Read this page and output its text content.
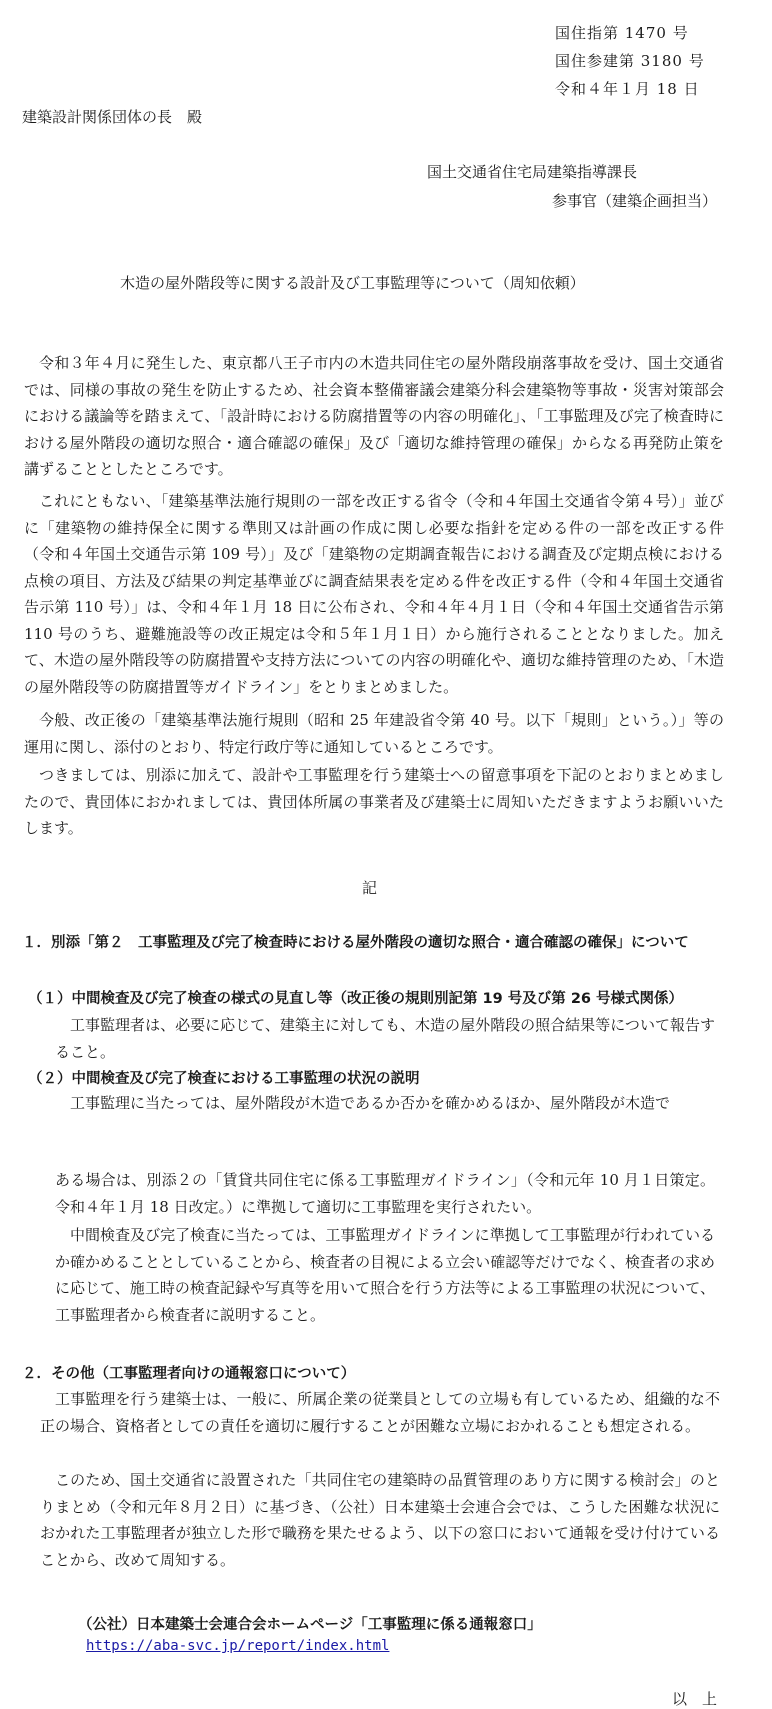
国住指第 1470 号
国住参建第 3180 号
令和４年１月 18 日
建築設計関係団体の長　殿
国土交通省住宅局建築指導課長
参事官（建築企画担当）
木造の屋外階段等に関する設計及び工事監理等について（周知依頼）

令和３年４月に発生した、東京都八王子市内の木造共同住宅の屋外階段崩落事故を受け、国土交通省では、同様の事故の発生を防止するため、社会資本整備審議会建築分科会建築物等事故・災害対策部会における議論等を踏まえて、「設計時における防腐措置等の内容の明確化」、「工事監理及び完了検査時における屋外階段の適切な照合・適合確認の確保」及び「適切な維持管理の確保」からなる再発防止策を講ずることとしたところです。

これにともない、「建築基準法施行規則の一部を改正する省令（令和４年国土交通省令第４号）」並びに「建築物の維持保全に関する準則又は計画の作成に関し必要な指針を定める件の一部を改正する件（令和４年国土交通告示第 109 号）」及び「建築物の定期調査報告における調査及び定期点検における点検の項目、方法及び結果の判定基準並びに調査結果表を定める件を改正する件（令和４年国土交通省告示第 110 号）」は、令和４年１月 18 日に公布され、令和４年４月１日（令和４年国土交通省告示第 110 号のうち、避難施設等の改正規定は令和５年１月１日）から施行されることとなりました。加えて、木造の屋外階段等の防腐措置や支持方法についての内容の明確化や、適切な維持管理のため、「木造の屋外階段等の防腐措置等ガイドライン」をとりまとめました。

今般、改正後の「建築基準法施行規則（昭和 25 年建設省令第 40 号。以下「規則」という。）」等の運用に関し、添付のとおり、特定行政庁等に通知しているところです。

つきましては、別添に加えて、設計や工事監理を行う建築士への留意事項を下記のとおりまとめましたので、貴団体におかれましては、貴団体所属の事業者及び建築士に周知いただきますようお願いいたします。

記
１．別添「第２　工事監理及び完了検査時における屋外階段の適切な照合・適合確認の確保」について
（１）中間検査及び完了検査の様式の見直し等（改正後の規則別記第 19 号及び第 26 号様式関係）

工事監理者は、必要に応じて、建築主に対しても、木造の屋外階段の照合結果等について報告すること。

（２）中間検査及び完了検査における工事監理の状況の説明
工事監理に当たっては、屋外階段が木造であるか否かを確かめるほか、屋外階段が木造で

ある場合は、別添２の「賃貸共同住宅に係る工事監理ガイドライン」（令和元年 10 月１日策定。令和４年１月 18 日改定。）に準拠して適切に工事監理を実行されたい。

中間検査及び完了検査に当たっては、工事監理ガイドラインに準拠して工事監理が行われているか確かめることとしていることから、検査者の目視による立会い確認等だけでなく、検査者の求めに応じて、施工時の検査記録や写真等を用いて照合を行う方法等による工事監理の状況について、工事監理者から検査者に説明すること。

２．その他（工事監理者向けの通報窓口について）

工事監理を行う建築士は、一般に、所属企業の従業員としての立場も有しているため、組織的な不正の場合、資格者としての責任を適切に履行することが困難な立場におかれることも想定される。

このため、国土交通省に設置された「共同住宅の建築時の品質管理のあり方に関する検討会」のとりまとめ（令和元年８月２日）に基づき、（公社）日本建築士会連合会では、こうした困難な状況におかれた工事監理者が独立した形で職務を果たせるよう、以下の窓口において通報を受け付けていることから、改めて周知する。

（公社）日本建築士会連合会ホームページ「工事監理に係る通報窓口」
https://aba-svc.jp/report/index.html
以　上
